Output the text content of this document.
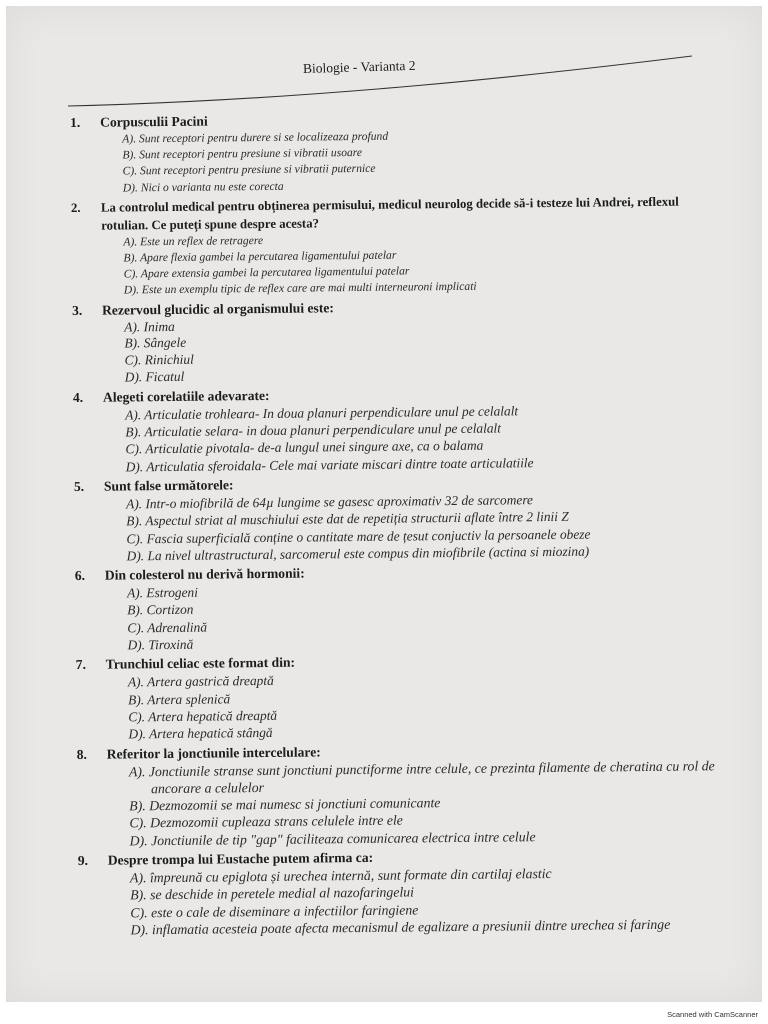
Biologie - Varianta 2
1.	Corpusculii Pacini
A). Sunt receptori pentru durere si se localizeaza profund
B). Sunt receptori pentru presiune si vibratii usoare
C). Sunt receptori pentru presiune si vibratii puternice
D). Nici o varianta nu este corecta
2.	La controlul medical pentru obținerea permisului, medicul neurolog decide să-i testeze lui Andrei, reflexul rotulian. Ce puteți spune despre acesta?
A). Este un reflex de retragere
B). Apare flexia gambei la percutarea ligamentului patelar
C). Apare extensia gambei la percutarea ligamentului patelar
D). Este un exemplu tipic de reflex care are mai multi interneuroni implicati
3.	Rezervoul glucidic al organismului este:
A). Inima
B). Sângele
C). Rinichiul
D). Ficatul
4.	Alegeti corelatiile adevarate:
A). Articulatie trohleara- In doua planuri perpendiculare unul pe celalalt
B). Articulatie selara- in doua planuri perpendiculare unul pe celalalt
C). Articulatie pivotala- de-a lungul unei singure axe, ca o balama
D). Articulatia sferoidala- Cele mai variate miscari dintre toate articulatiile
5.	Sunt false următorele:
A). Intr-o miofibrilă de 64µ lungime se gasesc aproximativ 32 de sarcomere
B). Aspectul striat al muschiului este dat de repetiția structurii aflate între 2 linii Z
C). Fascia superficială conține o cantitate mare de țesut conjuctiv la persoanele obeze
D). La nivel ultrastructural, sarcomerul este compus din miofibrile (actina si miozina)
6.	Din colesterol nu derivă hormonii:
A). Estrogeni
B). Cortizon
C). Adrenalină
D). Tiroxină
7.	Trunchiul celiac este format din:
A). Artera gastrică dreaptă
B). Artera splenică
C). Artera hepatică dreaptă
D). Artera hepatică stângă
8.	Referitor la jonctiunile intercelulare:
A). Jonctiunile stranse sunt jonctiuni punctiforme intre celule, ce prezinta filamente de cheratina cu rol de ancorare a celulelor
B). Dezmozomii se mai numesc si jonctiuni comunicante
C). Dezmozomii cupleaza strans celulele intre ele
D). Jonctiunile de tip "gap" faciliteaza comunicarea electrica intre celule
9.	Despre trompa lui Eustache putem afirma ca:
A). împreună cu epiglota și urechea internă, sunt formate din cartilaj elastic
B). se deschide in peretele medial al nazofaringelui
C). este o cale de diseminare a infectiilor faringiene
D). inflamatia acesteia poate afecta mecanismul de egalizare a presiunii dintre urechea si faringe
Scanned with CamScanner
